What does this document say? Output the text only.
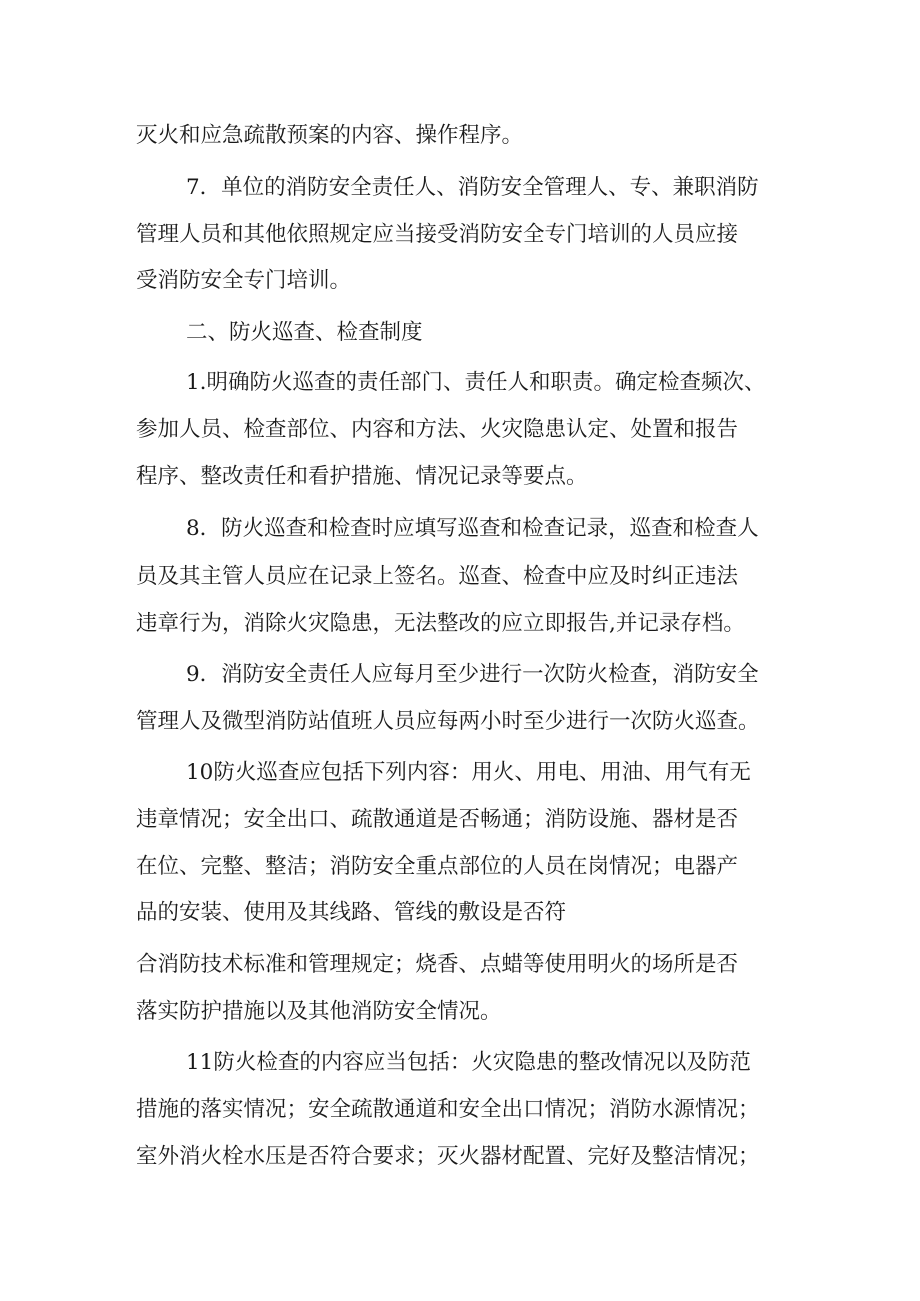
灭火和应急疏散预案的内容、操作程序。
7．单位的消防安全责任人、消防安全管理人、专、兼职消防
管理人员和其他依照规定应当接受消防安全专门培训的人员应接
受消防安全专门培训。
二、防火巡查、检查制度
1.明确防火巡查的责任部门、责任人和职责。确定检查频次、
参加人员、检查部位、内容和方法、火灾隐患认定、处置和报告
程序、整改责任和看护措施、情况记录等要点。
8．防火巡查和检查时应填写巡查和检查记录，巡查和检查人
员及其主管人员应在记录上签名。巡查、检查中应及时纠正违法
违章行为，消除火灾隐患，无法整改的应立即报告,并记录存档。
9．消防安全责任人应每月至少进行一次防火检查，消防安全
管理人及微型消防站值班人员应每两小时至少进行一次防火巡查。
10防火巡查应包括下列内容：用火、用电、用油、用气有无
违章情况；安全出口、疏散通道是否畅通；消防设施、器材是否
在位、完整、整洁；消防安全重点部位的人员在岗情况；电器产
品的安装、使用及其线路、管线的敷设是否符
合消防技术标准和管理规定；烧香、点蜡等使用明火的场所是否
落实防护措施以及其他消防安全情况。
11防火检查的内容应当包括：火灾隐患的整改情况以及防范
措施的落实情况；安全疏散通道和安全出口情况；消防水源情况；
室外消火栓水压是否符合要求；灭火器材配置、完好及整洁情况；
